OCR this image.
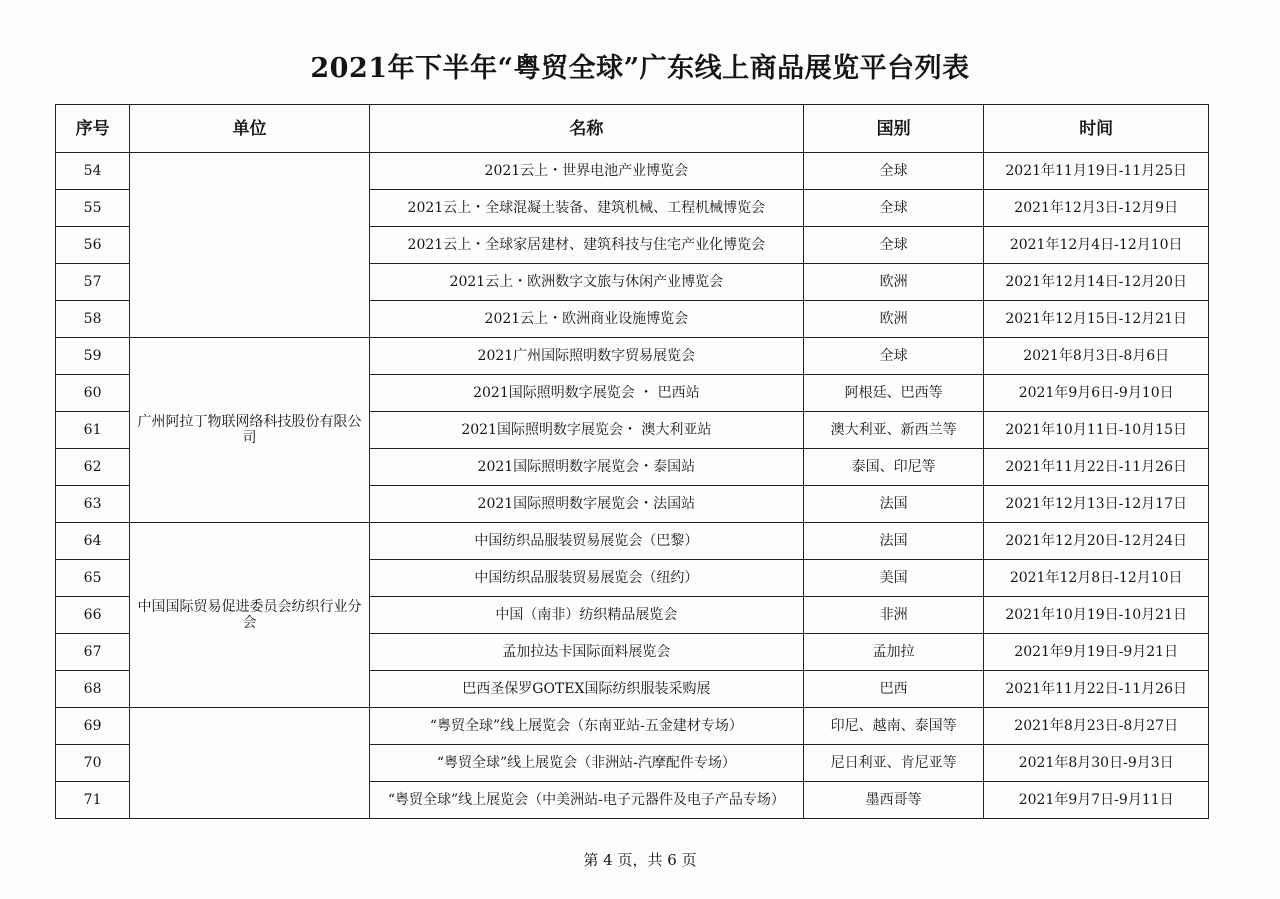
2021年下半年“粤贸全球”广东线上商品展览平台列表
序号	单位	名称	国别	时间
54		2021云上・世界电池产业博览会	全球	2021年11月19日-11月25日
55		2021云上・全球混凝土装备、建筑机械、工程机械博览会	全球	2021年12月3日-12月9日
56		2021云上・全球家居建材、建筑科技与住宅产业化博览会	全球	2021年12月4日-12月10日
57		2021云上・欧洲数字文旅与休闲产业博览会	欧洲	2021年12月14日-12月20日
58		2021云上・欧洲商业设施博览会	欧洲	2021年12月15日-12月21日
59	广州阿拉丁物联网络科技股份有限公司	2021广州国际照明数字贸易展览会	全球	2021年8月3日-8月6日
60		2021国际照明数字展览会 ・ 巴西站	阿根廷、巴西等	2021年9月6日-9月10日
61		2021国际照明数字展览会・ 澳大利亚站	澳大利亚、新西兰等	2021年10月11日-10月15日
62		2021国际照明数字展览会・泰国站	泰国、印尼等	2021年11月22日-11月26日
63		2021国际照明数字展览会・法国站	法国	2021年12月13日-12月17日
64	中国国际贸易促进委员会纺织行业分会	中国纺织品服装贸易展览会（巴黎）	法国	2021年12月20日-12月24日
65		中国纺织品服装贸易展览会（纽约）	美国	2021年12月8日-12月10日
66		中国（南非）纺织精品展览会	非洲	2021年10月19日-10月21日
67		孟加拉达卡国际面料展览会	孟加拉	2021年9月19日-9月21日
68		巴西圣保罗GOTEX国际纺织服装采购展	巴西	2021年11月22日-11月26日
69		“粤贸全球”线上展览会（东南亚站-五金建材专场）	印尼、越南、泰国等	2021年8月23日-8月27日
70		“粤贸全球”线上展览会（非洲站-汽摩配件专场）	尼日利亚、肯尼亚等	2021年8月30日-9月3日
71		“粤贸全球”线上展览会（中美洲站-电子元器件及电子产品专场）	墨西哥等	2021年9月7日-9月11日
第 4 页，共 6 页
